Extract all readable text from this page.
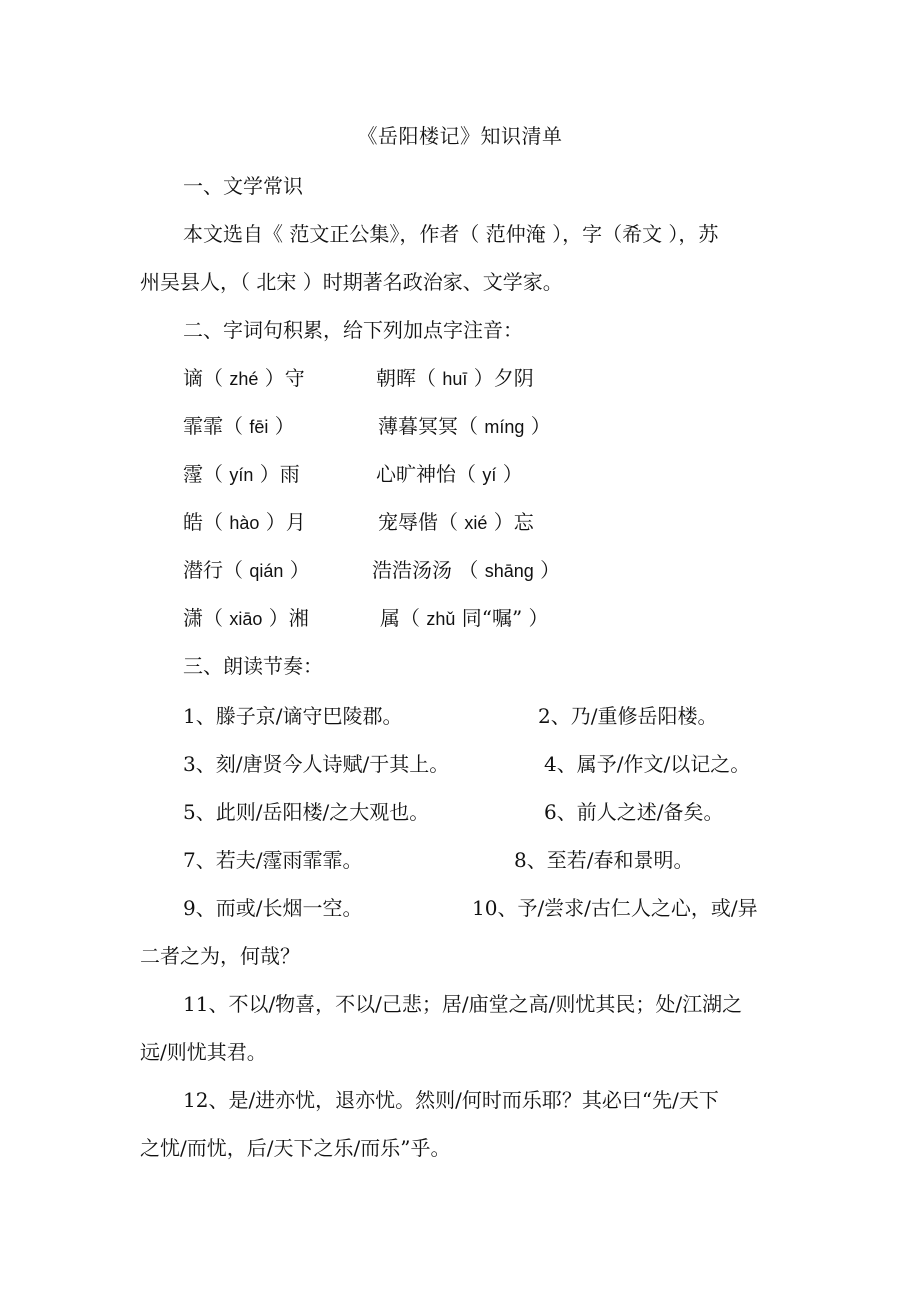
《岳阳楼记》知识清单
一、文学常识
本文选自《 范文正公集》，作者（ 范仲淹 ），字（希文 ），苏
州吴县人，（ 北宋 ）时期著名政治家、文学家。
二、字词句积累，给下列加点字注音：
谪（ zhé ）守	朝晖（ huī ）夕阴
霏霏（ fēi ）	薄暮冥冥（ míng ）
霪（ yín ）雨	心旷神怡（ yí ）
皓（ hào ）月	宠辱偕（ xié ）忘
潜行（ qián ）	浩浩汤汤 （ shāng ）
潇（ xiāo ）湘	属（ zhǔ 同“嘱” ）
三、朗读节奏：
1、滕子京/谪守巴陵郡。	2、乃/重修岳阳楼。
3、刻/唐贤今人诗赋/于其上。	4、属予/作文/以记之。
5、此则/岳阳楼/之大观也。	6、前人之述/备矣。
7、若夫/霪雨霏霏。	8、至若/春和景明。
9、而或/长烟一空。	10、予/尝求/古仁人之心，或/异
二者之为，何哉？
11、不以/物喜，不以/己悲；居/庙堂之高/则忧其民；处/江湖之
远/则忧其君。
12、是/进亦忧，退亦忧。然则/何时而乐耶？其必曰“先/天下
之忧/而忧，后/天下之乐/而乐”乎。
